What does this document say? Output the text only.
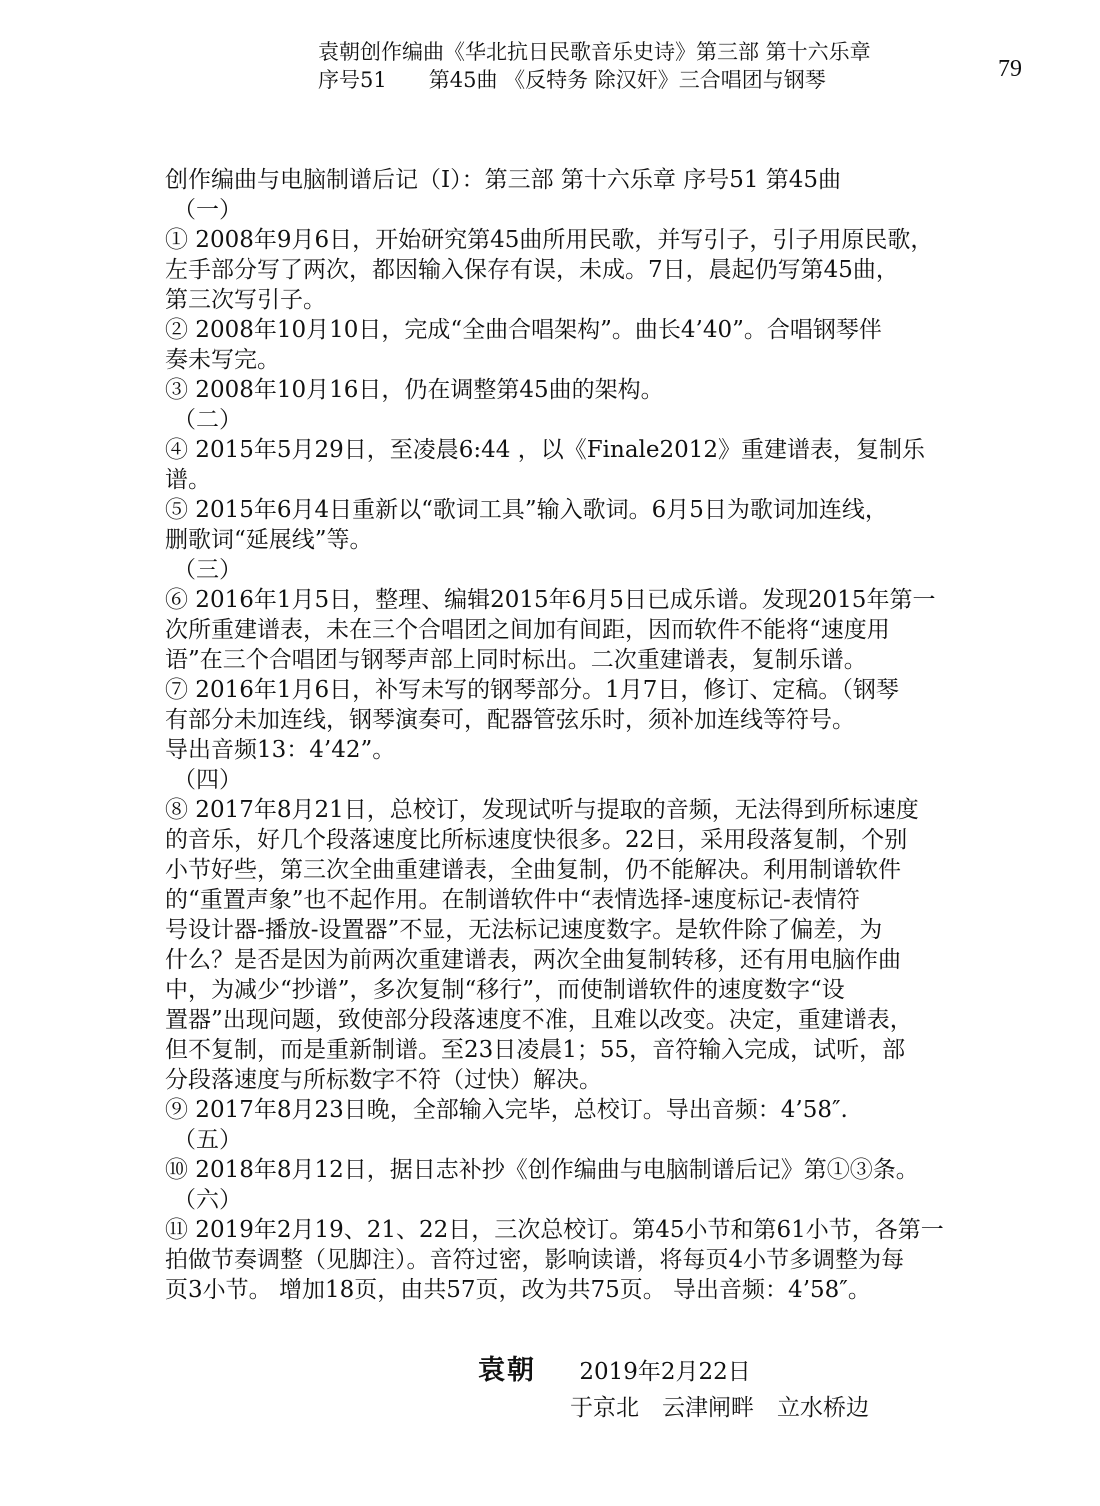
袁朝创作编曲《华北抗日民歌音乐史诗》第三部 第十六乐章
序号51　　第45曲 《反特务 除汉奸》三合唱团与钢琴	79
创作编曲与电脑制谱后记（Ⅰ）：第三部 第十六乐章 序号51 第45曲
（一）

① 2008年9月6日，开始研究第45曲所用民歌，并写引子，引子用原民歌，

左手部分写了两次，都因输入保存有误，未成。7日，晨起仍写第45曲，

第三次写引子。

② 2008年10月10日，完成“全曲合唱架构”。曲长4’40”。合唱钢琴伴

奏未写完。

③ 2008年10月16日，仍在调整第45曲的架构。

（二）

④ 2015年5月29日，至凌晨6:44 ，以《Finale2012》重建谱表，复制乐

谱。

⑤ 2015年6月4日重新以“歌词工具”输入歌词。6月5日为歌词加连线，

删歌词“延展线”等。

（三）

⑥ 2016年1月5日，整理、编辑2015年6月5日已成乐谱。发现2015年第一

次所重建谱表，未在三个合唱团之间加有间距，因而软件不能将“速度用

语”在三个合唱团与钢琴声部上同时标出。二次重建谱表，复制乐谱。

⑦ 2016年1月6日，补写未写的钢琴部分。1月7日，修订、定稿。（钢琴

有部分未加连线，钢琴演奏可，配器管弦乐时，须补加连线等符号。

导出音频13：4’42”。

（四）

⑧ 2017年8月21日，总校订，发现试听与提取的音频，无法得到所标速度

的音乐，好几个段落速度比所标速度快很多。22日，采用段落复制，个别

小节好些，第三次全曲重建谱表，全曲复制，仍不能解决。利用制谱软件

的“重置声象”也不起作用。在制谱软件中“表情选择-速度标记-表情符

号设计器-播放-设置器”不显，无法标记速度数字。是软件除了偏差，为

什么？是否是因为前两次重建谱表，两次全曲复制转移，还有用电脑作曲

中，为减少“抄谱”，多次复制“移行”，而使制谱软件的速度数字“设

置器”出现问题，致使部分段落速度不准，且难以改变。决定，重建谱表，

但不复制，而是重新制谱。至23日凌晨1；55，音符输入完成，试听，部

分段落速度与所标数字不符（过快）解决。

⑨ 2017年8月23日晚，全部输入完毕，总校订。导出音频：4’58″.

（五）

⑩ 2018年8月12日，据日志补抄《创作编曲与电脑制谱后记》第①③条。

（六）

⑪ 2019年2月19、21、22日，三次总校订。第45小节和第61小节，各第一

拍做节奏调整（见脚注）。音符过密，影响读谱，将每页4小节多调整为每

页3小节。 增加18页，由共57页，改为共75页。 导出音频：4’58″。

袁朝 2019年2月22日
于京北　云津闸畔　立水桥边
